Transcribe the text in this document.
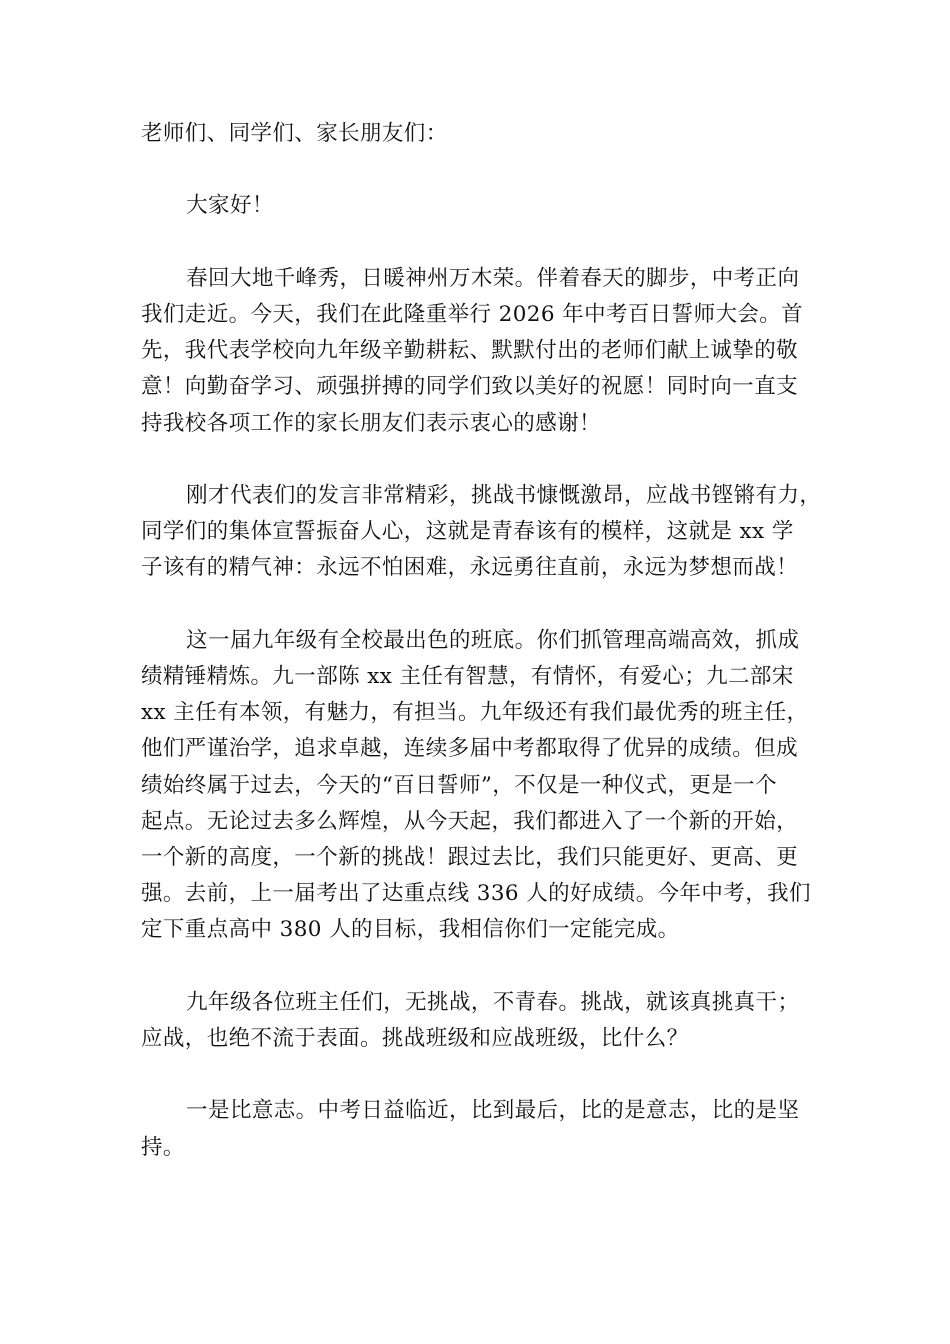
老师们、同学们、家长朋友们：

大家好！

春回大地千峰秀，日暖神州万木荣。伴着春天的脚步，中考正向
我们走近。今天，我们在此隆重举行 2026 年中考百日誓师大会。首
先，我代表学校向九年级辛勤耕耘、默默付出的老师们献上诚挚的敬
意！向勤奋学习、顽强拼搏的同学们致以美好的祝愿！同时向一直支
持我校各项工作的家长朋友们表示衷心的感谢！

刚才代表们的发言非常精彩，挑战书慷慨激昂，应战书铿锵有力，
同学们的集体宣誓振奋人心，这就是青春该有的模样，这就是 xx 学
子该有的精气神：永远不怕困难，永远勇往直前，永远为梦想而战！

这一届九年级有全校最出色的班底。你们抓管理高端高效，抓成
绩精锤精炼。九一部陈 xx 主任有智慧，有情怀，有爱心；九二部宋
xx 主任有本领，有魅力，有担当。九年级还有我们最优秀的班主任，
他们严谨治学，追求卓越，连续多届中考都取得了优异的成绩。但成
绩始终属于过去，今天的“百日誓师”，不仅是一种仪式，更是一个
起点。无论过去多么辉煌，从今天起，我们都进入了一个新的开始，
一个新的高度，一个新的挑战！跟过去比，我们只能更好、更高、更
强。去前，上一届考出了达重点线 336 人的好成绩。今年中考，我们
定下重点高中 380 人的目标，我相信你们一定能完成。

九年级各位班主任们，无挑战，不青春。挑战，就该真挑真干；
应战，也绝不流于表面。挑战班级和应战班级，比什么？

一是比意志。中考日益临近，比到最后，比的是意志，比的是坚
持。
